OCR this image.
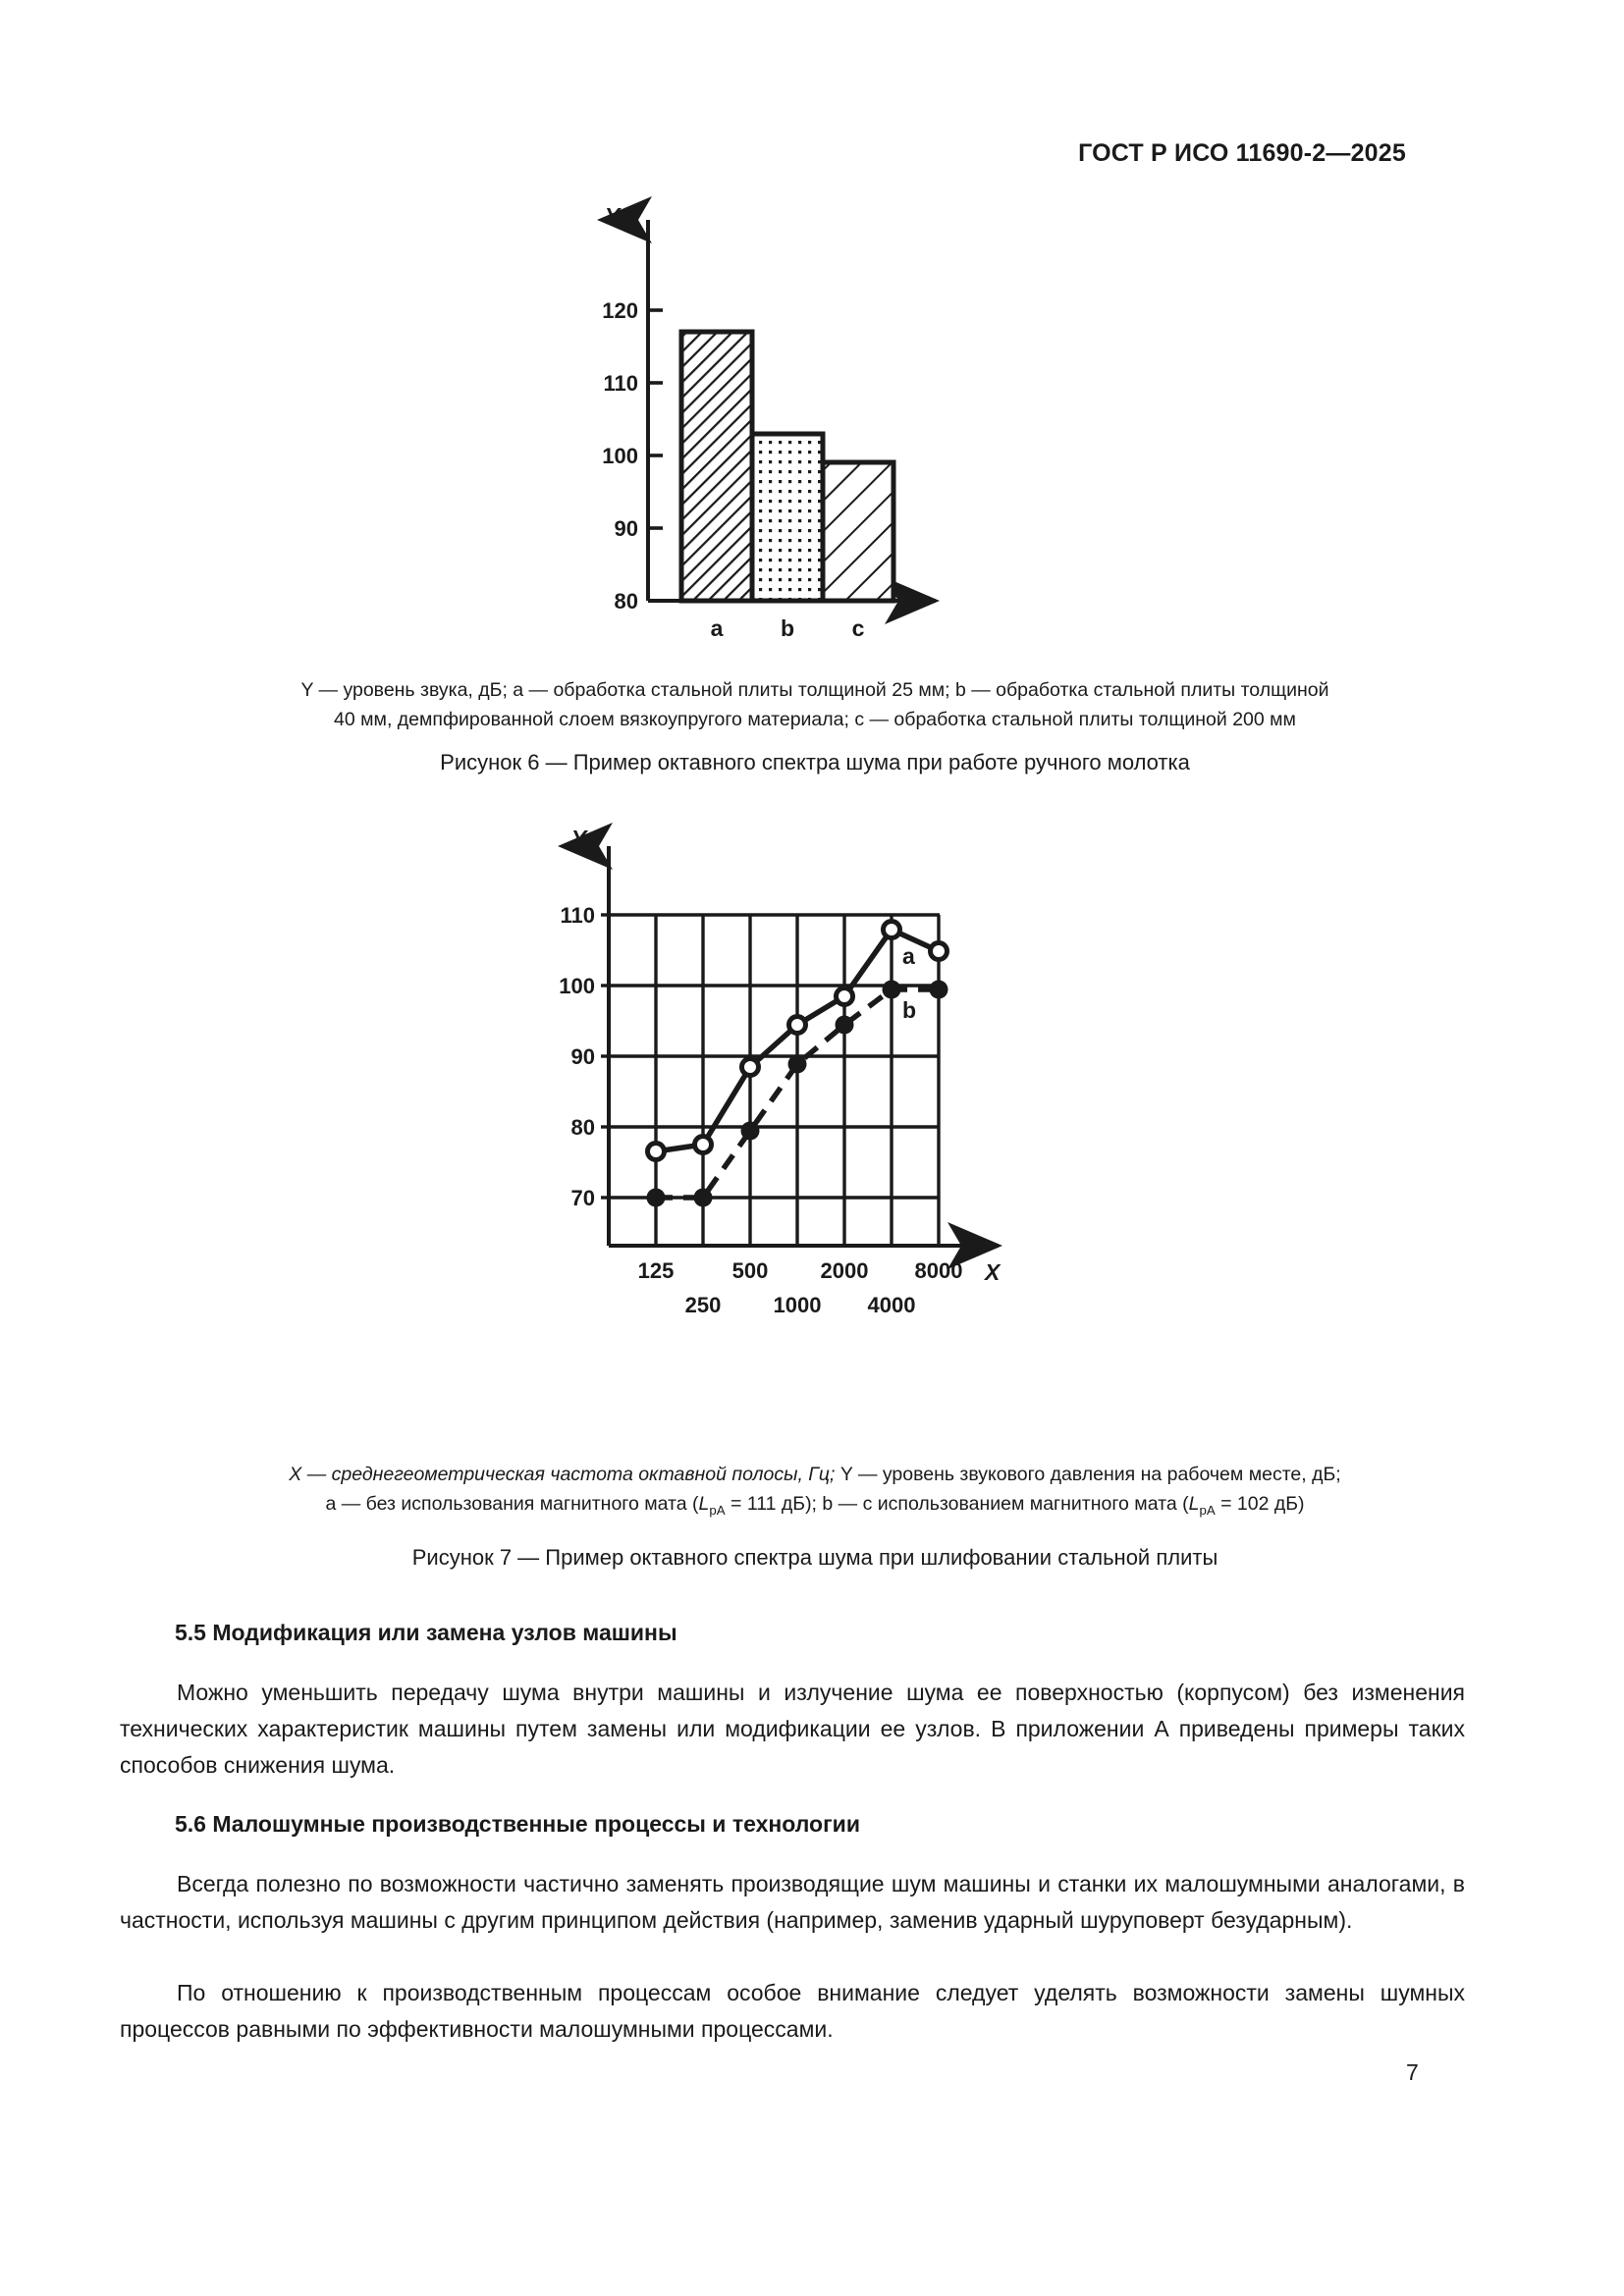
ГОСТ Р ИСО 11690-2—2025
Y
80
90
100
110
120
a	b	c
Y — уровень звука, дБ; a — обработка стальной плиты толщиной 25 мм; b — обработка стальной плиты толщиной
40 мм, демпфированной слоем вязкоупругого материала; c — обработка стальной плиты толщиной 200 мм
Рисунок 6 — Пример октавного спектра шума при работе ручного молотка
Y
110
100
90
80
70
a
b
125	500 2000 8000
250 1000 4000
X
X — среднегеометрическая частота октавной полосы, Гц; Y — уровень звукового давления на рабочем месте, дБ;
a — без использования магнитного мата ($L_{pA} = 111$ дБ); b — с использованием магнитного мата ($L_{pA} = 102$ дБ)
Рисунок 7 — Пример октавного спектра шума при шлифовании стальной плиты
5.5 Модификация или замена узлов машины
Можно уменьшить передачу шума внутри машины и излучение шума ее поверхностью (корпусом) без изменения технических характеристик машины путем замены или модификации ее узлов. В приложении А приведены примеры таких способов снижения шума.
5.6 Малошумные производственные процессы и технологии
Всегда полезно по возможности частично заменять производящие шум машины и станки их малошумными аналогами, в частности, используя машины с другим принципом действия (например, заменив ударный шуруповерт безударным).
По отношению к производственным процессам особое внимание следует уделять возможности замены шумных процессов равными по эффективности малошумными процессами.
7
